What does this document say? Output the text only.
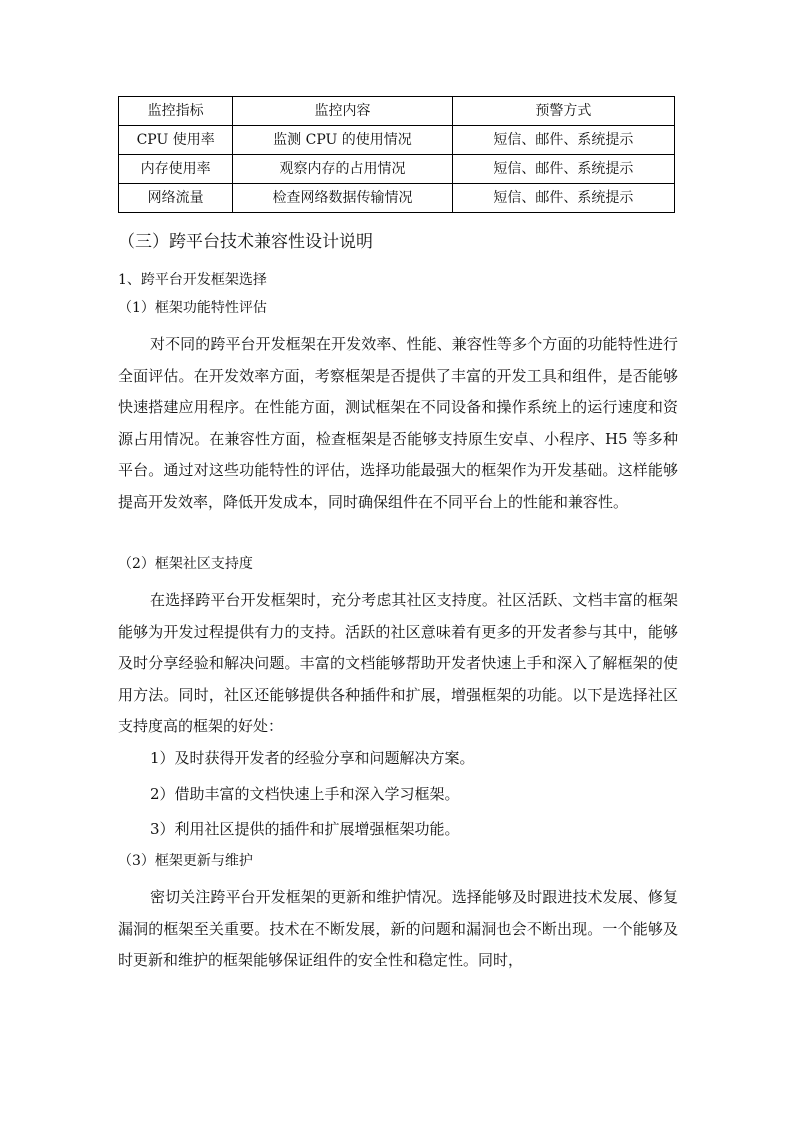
监控指标	监控内容	预警方式
CPU 使用率	监测 CPU 的使用情况	短信、邮件、系统提示
内存使用率	观察内存的占用情况	短信、邮件、系统提示
网络流量	检查网络数据传输情况	短信、邮件、系统提示
（三）跨平台技术兼容性设计说明
1、跨平台开发框架选择
（1）框架功能特性评估
对不同的跨平台开发框架在开发效率、性能、兼容性等多个方面的功能特性进行全面评估。在开发效率方面，考察框架是否提供了丰富的开发工具和组件，是否能够快速搭建应用程序。在性能方面，测试框架在不同设备和操作系统上的运行速度和资源占用情况。在兼容性方面，检查框架是否能够支持原生安卓、小程序、H5 等多种平台。通过对这些功能特性的评估，选择功能最强大的框架作为开发基础。这样能够提高开发效率，降低开发成本，同时确保组件在不同平台上的性能和兼容性。
（2）框架社区支持度
在选择跨平台开发框架时，充分考虑其社区支持度。社区活跃、文档丰富的框架能够为开发过程提供有力的支持。活跃的社区意味着有更多的开发者参与其中，能够及时分享经验和解决问题。丰富的文档能够帮助开发者快速上手和深入了解框架的使用方法。同时，社区还能够提供各种插件和扩展，增强框架的功能。以下是选择社区支持度高的框架的好处：
1）及时获得开发者的经验分享和问题解决方案。
2）借助丰富的文档快速上手和深入学习框架。
3）利用社区提供的插件和扩展增强框架功能。
（3）框架更新与维护
密切关注跨平台开发框架的更新和维护情况。选择能够及时跟进技术发展、修复漏洞的框架至关重要。技术在不断发展，新的问题和漏洞也会不断出现。一个能够及时更新和维护的框架能够保证组件的安全性和稳定性。同时，
